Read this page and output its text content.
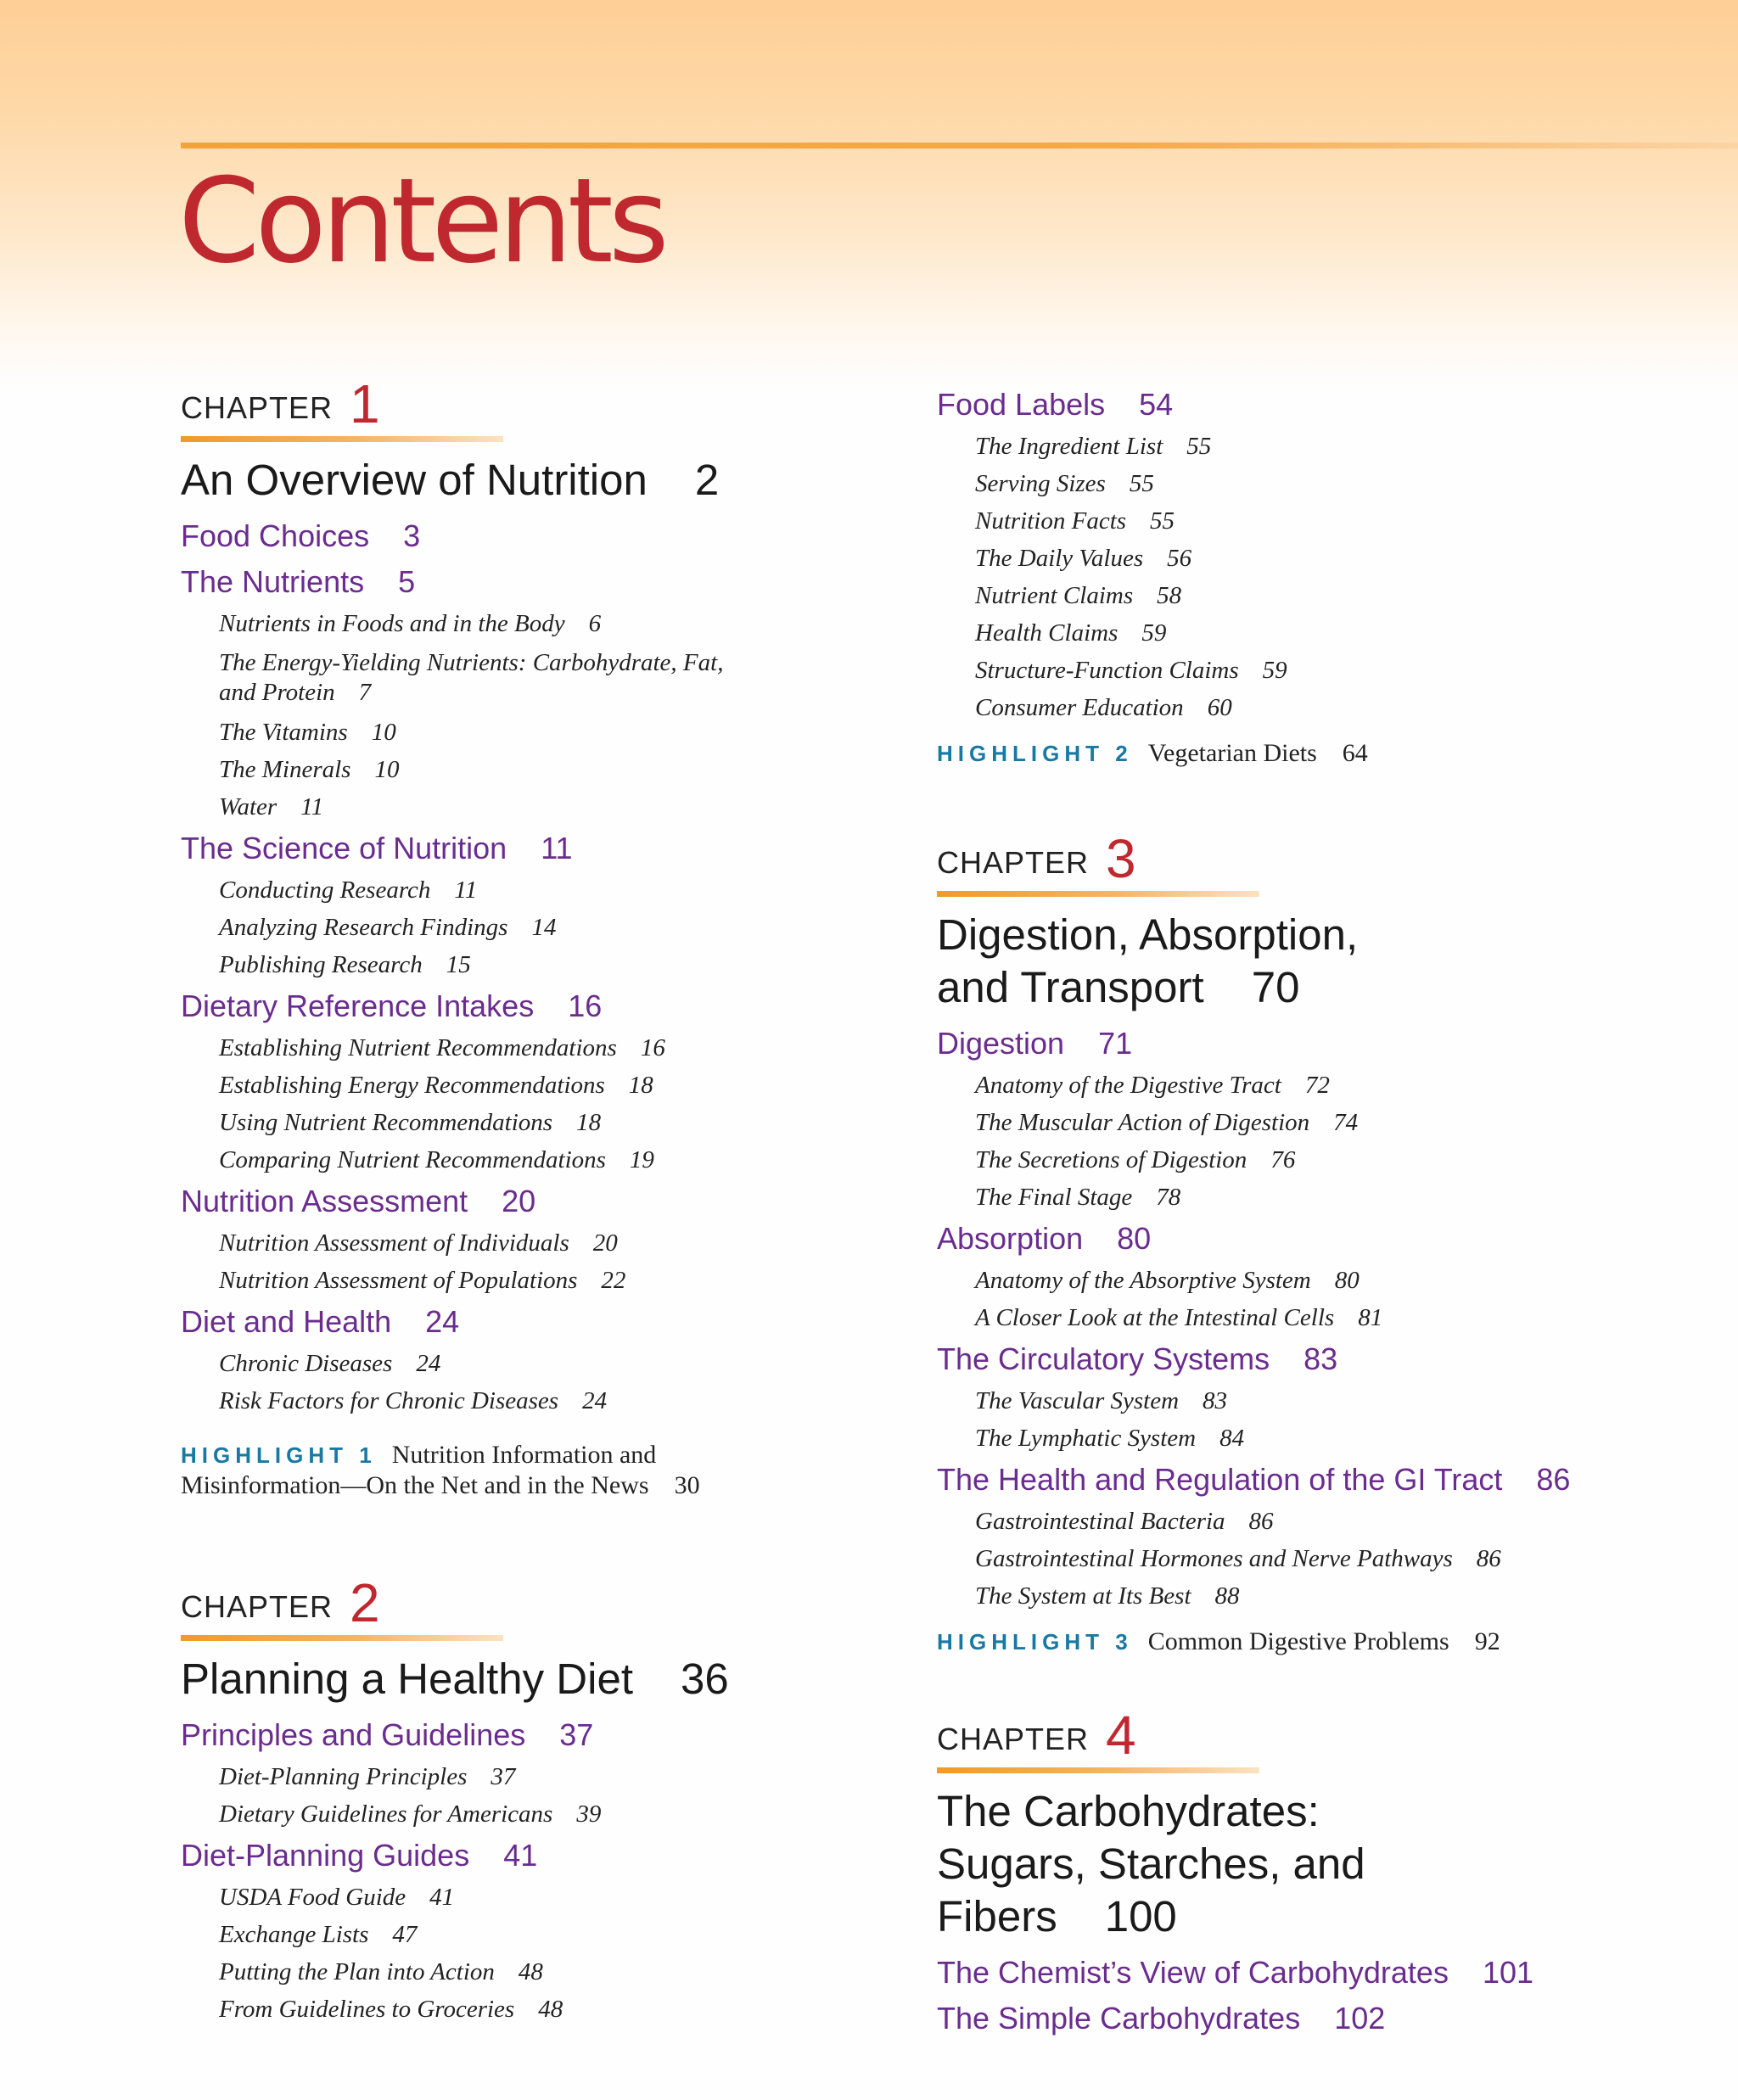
Contents
CHAPTER 1
An Overview of Nutrition 2
Food Choices 3
The Nutrients 5
Nutrients in Foods and in the Body 6
The Energy-Yielding Nutrients: Carbohydrate, Fat, and Protein 7
The Vitamins 10
The Minerals 10
Water 11
The Science of Nutrition 11
Conducting Research 11
Analyzing Research Findings 14
Publishing Research 15
Dietary Reference Intakes 16
Establishing Nutrient Recommendations 16
Establishing Energy Recommendations 18
Using Nutrient Recommendations 18
Comparing Nutrient Recommendations 19
Nutrition Assessment 20
Nutrition Assessment of Individuals 20
Nutrition Assessment of Populations 22
Diet and Health 24
Chronic Diseases 24
Risk Factors for Chronic Diseases 24
HIGHLIGHT 1 Nutrition Information and Misinformation—On the Net and in the News 30
CHAPTER 2
Planning a Healthy Diet 36
Principles and Guidelines 37
Diet-Planning Principles 37
Dietary Guidelines for Americans 39
Diet-Planning Guides 41
USDA Food Guide 41
Exchange Lists 47
Putting the Plan into Action 48
From Guidelines to Groceries 48
Food Labels 54
The Ingredient List 55
Serving Sizes 55
Nutrition Facts 55
The Daily Values 56
Nutrient Claims 58
Health Claims 59
Structure-Function Claims 59
Consumer Education 60
HIGHLIGHT 2 Vegetarian Diets 64
CHAPTER 3
Digestion, Absorption, and Transport 70
Digestion 71
Anatomy of the Digestive Tract 72
The Muscular Action of Digestion 74
The Secretions of Digestion 76
The Final Stage 78
Absorption 80
Anatomy of the Absorptive System 80
A Closer Look at the Intestinal Cells 81
The Circulatory Systems 83
The Vascular System 83
The Lymphatic System 84
The Health and Regulation of the GI Tract 86
Gastrointestinal Bacteria 86
Gastrointestinal Hormones and Nerve Pathways 86
The System at Its Best 88
HIGHLIGHT 3 Common Digestive Problems 92
CHAPTER 4
The Carbohydrates: Sugars, Starches, and Fibers 100
The Chemist’s View of Carbohydrates 101
The Simple Carbohydrates 102
